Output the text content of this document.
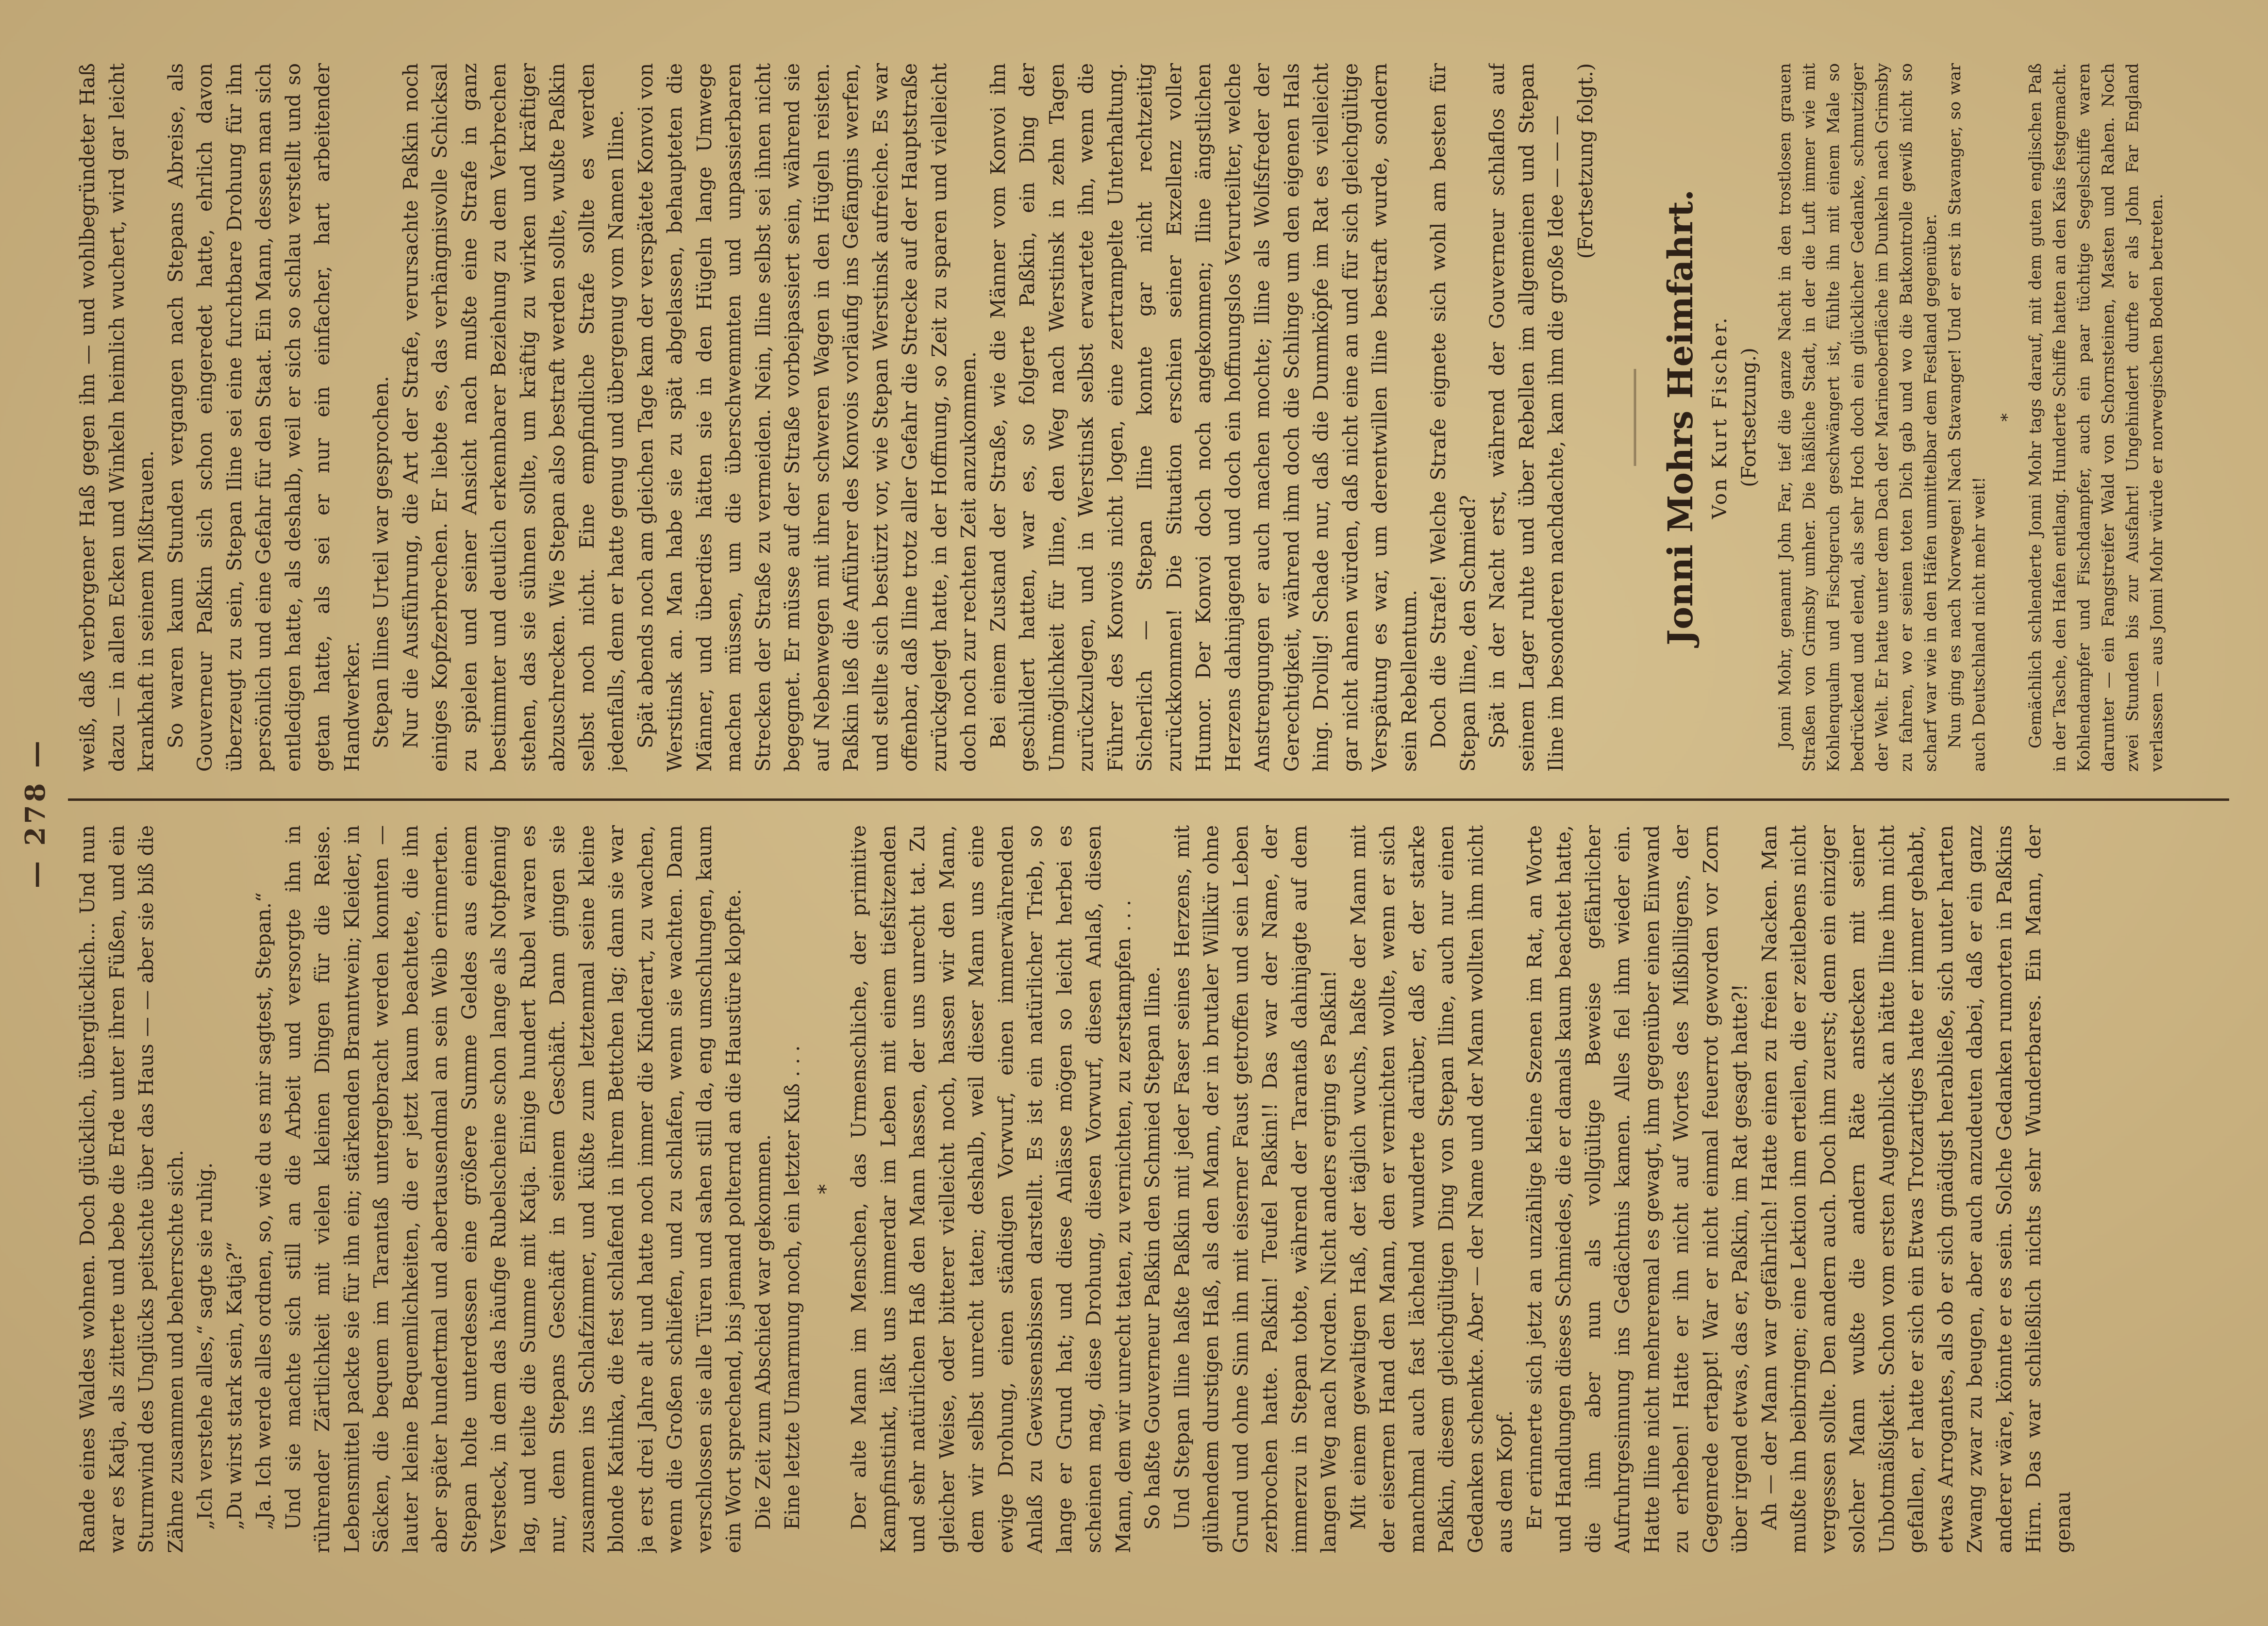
— 278 —

Rande eines Waldes wohnen. Doch glücklich, überglücklich... Und nun war es Katja, als zitterte und bebe die Erde unter ihren Füßen, und ein Sturmwind des Unglücks peitschte über das Haus — — aber sie biß die Zähne zusammen und beherrschte sich. „Ich verstehe alles,“ sagte sie ruhig. „Du wirst stark sein, Katja?“ „Ja. Ich werde alles ordnen, so, wie du es mir sagtest, Stepan.“ Und sie machte sich still an die Arbeit und versorgte ihn in rührender Zärtlichkeit mit vielen kleinen Dingen für die Reise. Lebensmittel packte sie für ihn ein; stärkenden Branntwein; Kleider, in Säcken, die bequem im Tarantaß untergebracht werden konnten — lauter kleine Bequemlichkeiten, die er jetzt kaum beachtete, die ihn aber später hundertmal und abertausendmal an sein Weib erinnerten. Stepan holte unterdessen eine größere Summe Geldes aus einem Versteck, in dem das häufige Rubelscheine schon lange als Notpfennig lag, und teilte die Summe mit Katja. Einige hundert Rubel waren es nur, denn Stepans Geschäft in seinem Geschäft. Dann gingen sie zusammen ins Schlafzimmer, und küßte zum letztenmal seine kleine blonde Katinka, die fest schlafend in ihrem Bettchen lag; dann sie war ja erst drei Jahre alt und hatte noch immer die Kinderart, zu wachen, wenn die Großen schliefen, und zu schlafen, wenn sie wachten. Dann verschlossen sie alle Türen und sahen still da, eng umschlungen, kaum ein Wort sprechend, bis jemand polternd an die Haustüre klopfte. Die Zeit zum Abschied war gekommen. Eine letzte Umarmung noch, ein letzter Kuß . . . * Der alte Mann im Menschen, das Urmenschliche, der primitive Kampfinstinkt, läßt uns immerdar im Leben mit einem tiefsitzenden und sehr natürlichen Haß den Mann hassen, der uns unrecht tat. Zu gleicher Weise, oder bitterer vielleicht noch, hassen wir den Mann, dem wir selbst unrecht taten; deshalb, weil dieser Mann uns eine ewige Drohung, einen ständigen Vorwurf, einen immerwährenden Anlaß zu Gewissensbissen darstellt. Es ist ein natürlicher Trieb, so lange er Grund hat; und diese Anlässe mögen so leicht herbei es scheinen mag, diese Drohung, diesen Vorwurf, diesen Anlaß, diesen Mann, dem wir unrecht taten, zu vernichten, zu zerstampfen . . . So haßte Gouverneur Paßkin den Schmied Stepan Iline. Und Stepan Iline haßte Paßkin mit jeder Faser seines Herzens, mit glühendem durstigen Haß, als den Mann, der in brutaler Willkür ohne Grund und ohne Sinn ihn mit eiserner Faust getroffen und sein Leben zerbrochen hatte. Paßkin! Teufel Paßkin!! Das war der Name, der immerzu in Stepan tobte, während der Tarantaß dahinjagte auf dem langen Weg nach Norden. Nicht anders erging es Paßkin! Mit einem gewaltigen Haß, der täglich wuchs, haßte der Mann mit der eisernen Hand den Mann, den er vernichten wollte, wenn er sich manchmal auch fast lächelnd wunderte darüber, daß er, der starke Paßkin, diesem gleichgültigen Ding von Stepan Iline, auch nur einen Gedanken schenkte. Aber — der Name und der Mann wollten ihm nicht aus dem Kopf. Er erinnerte sich jetzt an unzählige kleine Szenen im Rat, an Worte und Handlungen dieses Schmiedes, die er damals kaum beachtet hatte, die ihm aber nun als vollgültige Beweise gefährlicher Aufruhrgesinnung ins Gedächtnis kamen. Alles fiel ihm wieder ein. Hatte Iline nicht mehreremal es gewagt, ihm gegenüber einen Einwand zu erheben! Hatte er ihn nicht auf Wortes des Mißbilligens, der Gegenrede ertappt! War er nicht einmal feuerrot geworden vor Zorn über irgend etwas, das er, Paßkin, im Rat gesagt hatte?! Ah — der Mann war gefährlich! Hatte einen zu freien Nacken. Man mußte ihn beibringen; eine Lektion ihm erteilen, die er zeitlebens nicht vergessen sollte. Den andern auch. Doch ihm zuerst; denn ein einziger solcher Mann wußte die andern Räte anstecken mit seiner Unbotmäßigkeit. Schon vom ersten Augenblick an hätte Iline ihm nicht gefallen, er hatte er sich ein Etwas Trotzartiges hatte er immer gehabt, etwas Arrogantes, als ob er sich gnädigst herabließe, sich unter harten Zwang zwar zu beugen, aber auch anzudeuten dabei, daß er ein ganz anderer wäre, könnte er es sein. Solche Gedanken rumorten in Paßkins Hirn. Das war schließlich nichts sehr Wunderbares. Ein Mann, der genau

weiß, daß verborgener Haß gegen ihn — und wohlbegründeter Haß dazu — in allen Ecken und Winkeln heimlich wuchert, wird gar leicht krankhaft in seinem Mißtrauen. So waren kaum Stunden vergangen nach Stepans Abreise, als Gouverneur Paßkin sich schon eingeredet hatte, ehrlich davon überzeugt zu sein, Stepan Iline sei eine furchtbare Drohung für ihn persönlich und eine Gefahr für den Staat. Ein Mann, dessen man sich entledigen hatte, als deshalb, weil er sich so schlau verstellt und so getan hatte, als sei er nur ein einfacher, hart arbeitender Handwerker. Stepan Ilines Urteil war gesprochen. Nur die Ausführung, die Art der Strafe, verursachte Paßkin noch einiges Kopfzerbrechen. Er liebte es, das verhängnisvolle Schicksal zu spielen und seiner Ansicht nach mußte eine Strafe in ganz bestimmter und deutlich erkennbarer Beziehung zu dem Verbrechen stehen, das sie sühnen sollte, um kräftig zu wirken und kräftiger abzuschrecken. Wie Stepan also bestraft werden sollte, wußte Paßkin selbst noch nicht. Eine empfindliche Strafe sollte es werden jedenfalls, denn er hatte genug und übergenug vom Namen Iline. Spät abends noch am gleichen Tage kam der verspätete Konvoi von Werstinsk an. Man habe sie zu spät abgelassen, behaupteten die Männer, und überdies hätten sie in den Hügeln lange Umwege machen müssen, um die überschwemmten und unpassierbaren Strecken der Straße zu vermeiden. Nein, Iline selbst sei ihnen nicht begegnet. Er müsse auf der Straße vorbeipassiert sein, während sie auf Nebenwegen mit ihren schweren Wagen in den Hügeln reisten. Paßkin ließ die Anführer des Konvois vorläufig ins Gefängnis werfen, und stellte sich bestürzt vor, wie Stepan Werstinsk aufreiche. Es war offenbar, daß Iline trotz aller Gefahr die Strecke auf der Hauptstraße zurückgelegt hatte, in der Hoffnung, so Zeit zu sparen und vielleicht doch noch zur rechten Zeit anzukommen. Bei einem Zustand der Straße, wie die Männer vom Konvoi ihn geschildert hatten, war es, so folgerte Paßkin, ein Ding der Unmöglichkeit für Iline, den Weg nach Werstinsk in zehn Tagen zurückzulegen, und in Werstinsk selbst erwartete ihn, wenn die Führer des Konvois nicht logen, eine zertrampelte Unterhaltung. Sicherlich — Stepan Iline konnte gar nicht rechtzeitig zurückkommen! Die Situation erschien seiner Exzellenz voller Humor. Der Konvoi doch noch angekommen; Iline ängstlichen Herzens dahinjagend und doch ein hoffnungslos Verurteilter, welche Anstrengungen er auch machen mochte; Iline als Wolfsfreder der Gerechtigkeit, während ihm doch die Schlinge um den eigenen Hals hing. Drollig! Schade nur, daß die Dummköpfe im Rat es vielleicht gar nicht ahnen würden, daß nicht eine an und für sich gleichgültige Verspätung es war, um derentwillen Iline bestraft wurde, sondern sein Rebellentum. Doch die Strafe! Welche Strafe eignete sich wohl am besten für Stepan Iline, den Schmied? Spät in der Nacht erst, während der Gouverneur schlaflos auf seinem Lager ruhte und über Rebellen im allgemeinen und Stepan Iline im besonderen nachdachte, kam ihm die große Idee — — — (Fortsetzung folgt.)

Jonni Mohrs Heimfahrt. Von Kurt Fischer. (Fortsetzung.) Jonni Mohr, genannt John Far, tief die ganze Nacht in den trostlosen grauen Straßen von Grimsby umher. Die häßliche Stadt, in der die Luft immer wie mit Kohlenqualm und Fischgeruch geschwängert ist, fühlte ihn mit einem Male so bedrückend und elend, als sehr Hoch doch ein glücklicher Gedanke, schmutziger der Welt. Er hatte unter dem Dach der Marineoberfläche im Dunkeln nach Grimsby zu fahren, wo er seinen toten Dich gab und wo die Batkontrolle gewiß nicht so scharf war wie in den Häfen unmittelbar dem Festland gegenüber. Nun ging es nach Norwegen! Nach Stavanger! Und er erst in Stavanger, so war auch Deutschland nicht mehr weit!

* Gemächlich schlenderte Jonni Mohr tags darauf, mit dem guten englischen Paß in der Tasche, den Hafen entlang. Hunderte Schiffe hatten an den Kais festgemacht. Kohlendampfer und Fischdampfer, auch ein paar tüchtige Segelschiffe waren darunter — ein Fangstreifer Wald von Schornsteinen, Masten und Rahen. Noch zwei Stunden bis zur Ausfahrt! Ungehindert durfte er als John Far England verlassen — aus Jonni Mohr würde er norwegischen Boden betreten.
